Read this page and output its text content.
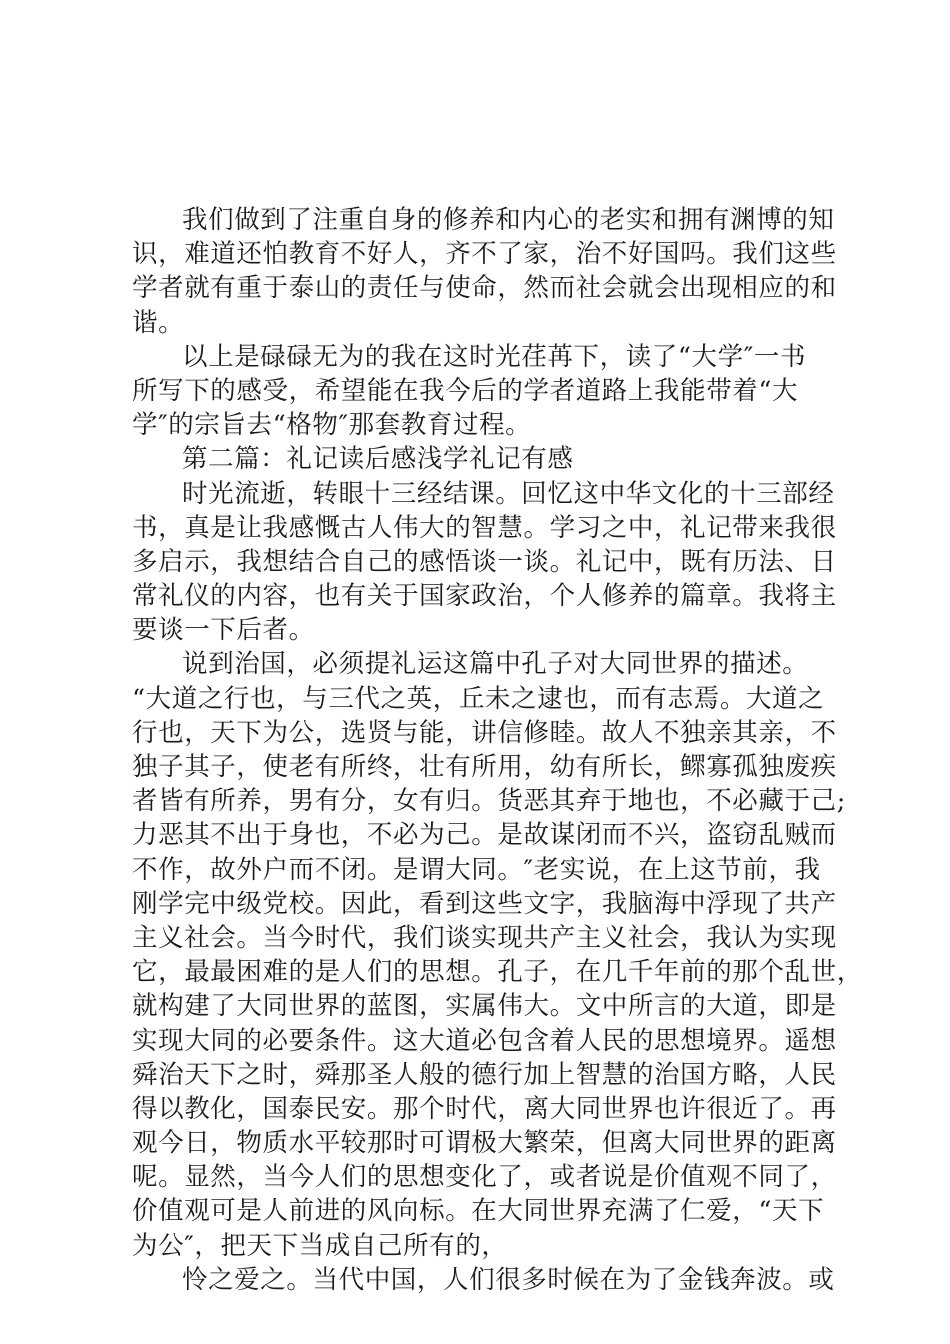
我们做到了注重自身的修养和内心的老实和拥有渊博的知
识，难道还怕教育不好人，齐不了家，治不好国吗。我们这些
学者就有重于泰山的责任与使命，然而社会就会出现相应的和
谐。
以上是碌碌无为的我在这时光荏苒下，读了“大学″一书
所写下的感受，希望能在我今后的学者道路上我能带着“大
学″的宗旨去“格物″那套教育过程。
第二篇：礼记读后感浅学礼记有感
时光流逝，转眼十三经结课。回忆这中华文化的十三部经
书，真是让我感慨古人伟大的智慧。学习之中，礼记带来我很
多启示，我想结合自己的感悟谈一谈。礼记中，既有历法、日
常礼仪的内容，也有关于国家政治，个人修养的篇章。我将主
要谈一下后者。
说到治国，必须提礼运这篇中孔子对大同世界的描述。
“大道之行也，与三代之英，丘未之逮也，而有志焉。大道之
行也，天下为公，选贤与能，讲信修睦。故人不独亲其亲，不
独子其子，使老有所终，壮有所用，幼有所长，鳏寡孤独废疾
者皆有所养，男有分，女有归。货恶其弃于地也，不必藏于己;
力恶其不出于身也，不必为己。是故谋闭而不兴，盗窃乱贼而
不作，故外户而不闭。是谓大同。″老实说，在上这节前，我
刚学完中级党校。因此，看到这些文字，我脑海中浮现了共产
主义社会。当今时代，我们谈实现共产主义社会，我认为实现
它，最最困难的是人们的思想。孔子，在几千年前的那个乱世，
就构建了大同世界的蓝图，实属伟大。文中所言的大道，即是
实现大同的必要条件。这大道必包含着人民的思想境界。遥想
舜治天下之时，舜那圣人般的德行加上智慧的治国方略，人民
得以教化，国泰民安。那个时代，离大同世界也许很近了。再
观今日，物质水平较那时可谓极大繁荣，但离大同世界的距离
呢。显然，当今人们的思想变化了，或者说是价值观不同了，
价值观可是人前进的风向标。在大同世界充满了仁爱，“天下
为公″，把天下当成自己所有的，
怜之爱之。当代中国，人们很多时候在为了金钱奔波。或
